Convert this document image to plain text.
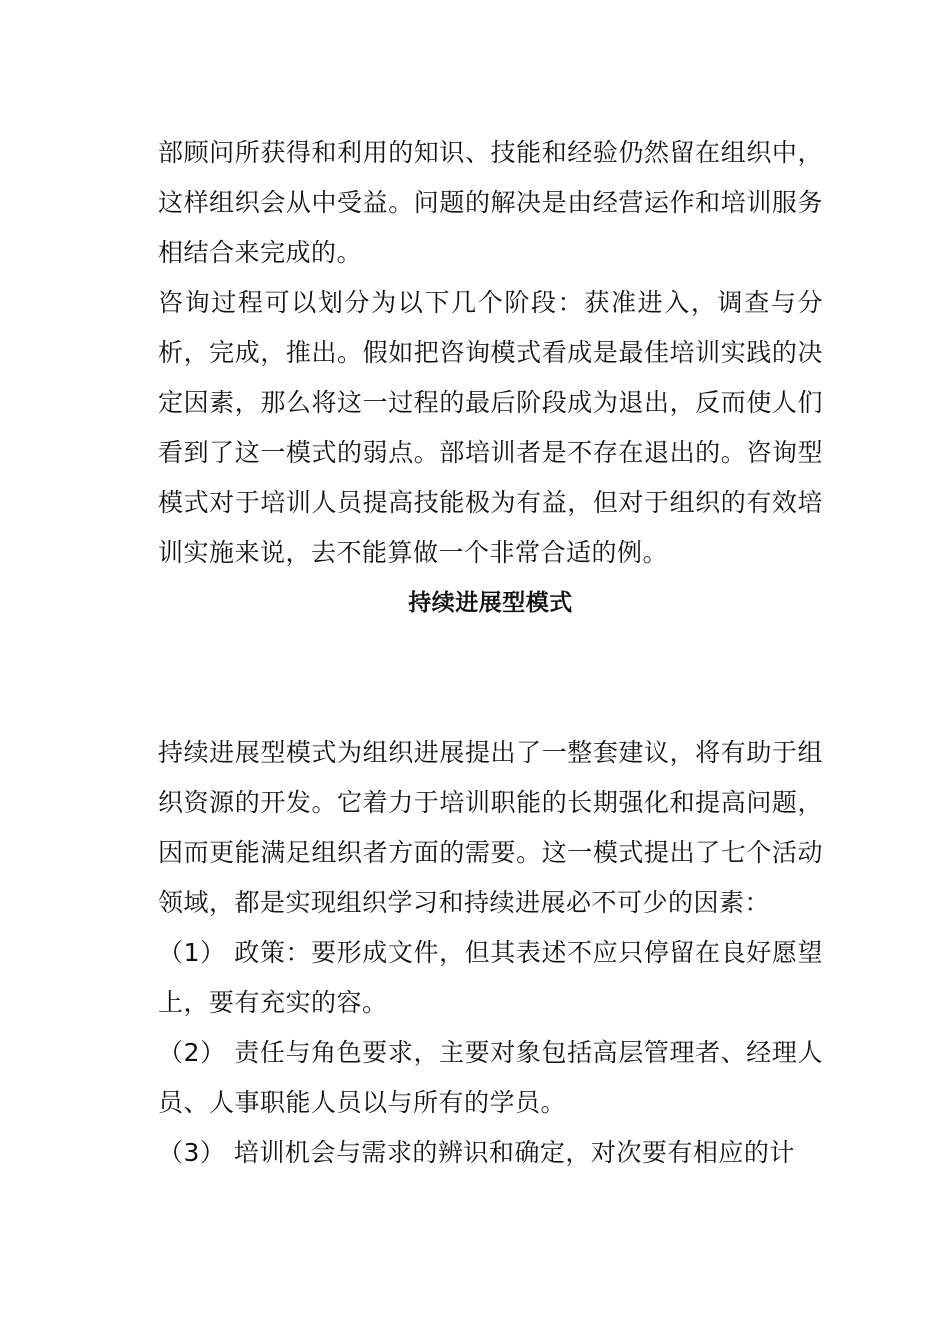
部顾问所获得和利用的知识、技能和经验仍然留在组织中，这样组织会从中受益。问题的解决是由经营运作和培训服务相结合来完成的。

咨询过程可以划分为以下几个阶段：获准进入，调查与分析，完成，推出。假如把咨询模式看成是最佳培训实践的决定因素，那么将这一过程的最后阶段成为退出，反而使人们看到了这一模式的弱点。部培训者是不存在退出的。咨询型模式对于培训人员提高技能极为有益，但对于组织的有效培训实施来说，去不能算做一个非常合适的例。

持续进展型模式

持续进展型模式为组织进展提出了一整套建议，将有助于组织资源的开发。它着力于培训职能的长期强化和提高问题，因而更能满足组织者方面的需要。这一模式提出了七个活动领域，都是实现组织学习和持续进展必不可少的因素：

（1） 政策：要形成文件，但其表述不应只停留在良好愿望上，要有充实的容。

（2） 责任与角色要求，主要对象包括高层管理者、经理人员、人事职能人员以与所有的学员。

（3） 培训机会与需求的辨识和确定，对次要有相应的计
